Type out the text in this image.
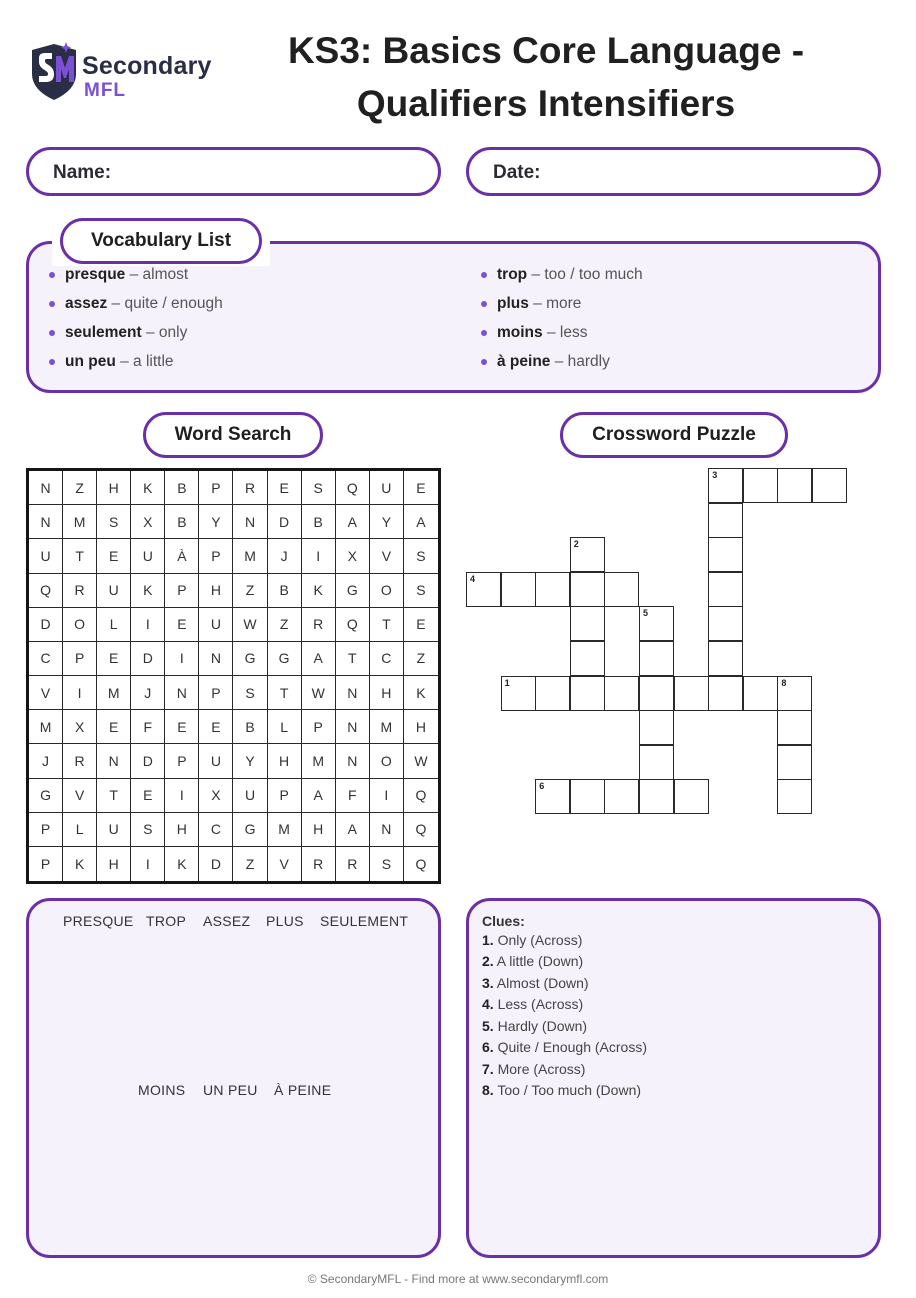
Secondary
MFL
KS3: Basics Core Language -
Qualifiers Intensifiers
Name:	Date:
Vocabulary List
presque – almost
assez – quite / enough
seulement – only
un peu – a little
trop – too / too much
plus – more
moins – less
à peine – hardly
Word Search	Crossword Puzzle
N	Z	H	K	B	P	R	E	S	Q	U	E
N	M	S	X	B	Y	N	D	B	A	Y	A
U	T	E	U	À	P	M	J	I	X	V	S
Q	R	U	K	P	H	Z	B	K	G	O	S
D	O	L	I	E	U	W	Z	R	Q	T	E
C	P	E	D	I	N	G	G	A	T	C	Z
V	I	M	J	N	P	S	T	W	N	H	K
M	X	E	F	E	E	B	L	P	N	M	H
J	R	N	D	P	U	Y	H	M	N	O	W
G	V	T	E	I	X	U	P	A	F	I	Q
P	L	U	S	H	C	G	M	H	A	N	Q
P	K	H	I	K	D	Z	V	R	R	S	Q
3
2
4
5
1	8
6
PRESQUE TROP ASSEZ PLUS SEULEMENT
MOINS UN PEU À PEINE
Clues:
1. Only (Across)
2. A little (Down)
3. Almost (Down)
4. Less (Across)
5. Hardly (Down)
6. Quite / Enough (Across)
7. More (Across)
8. Too / Too much (Down)
© SecondaryMFL - Find more at www.secondarymfl.com
